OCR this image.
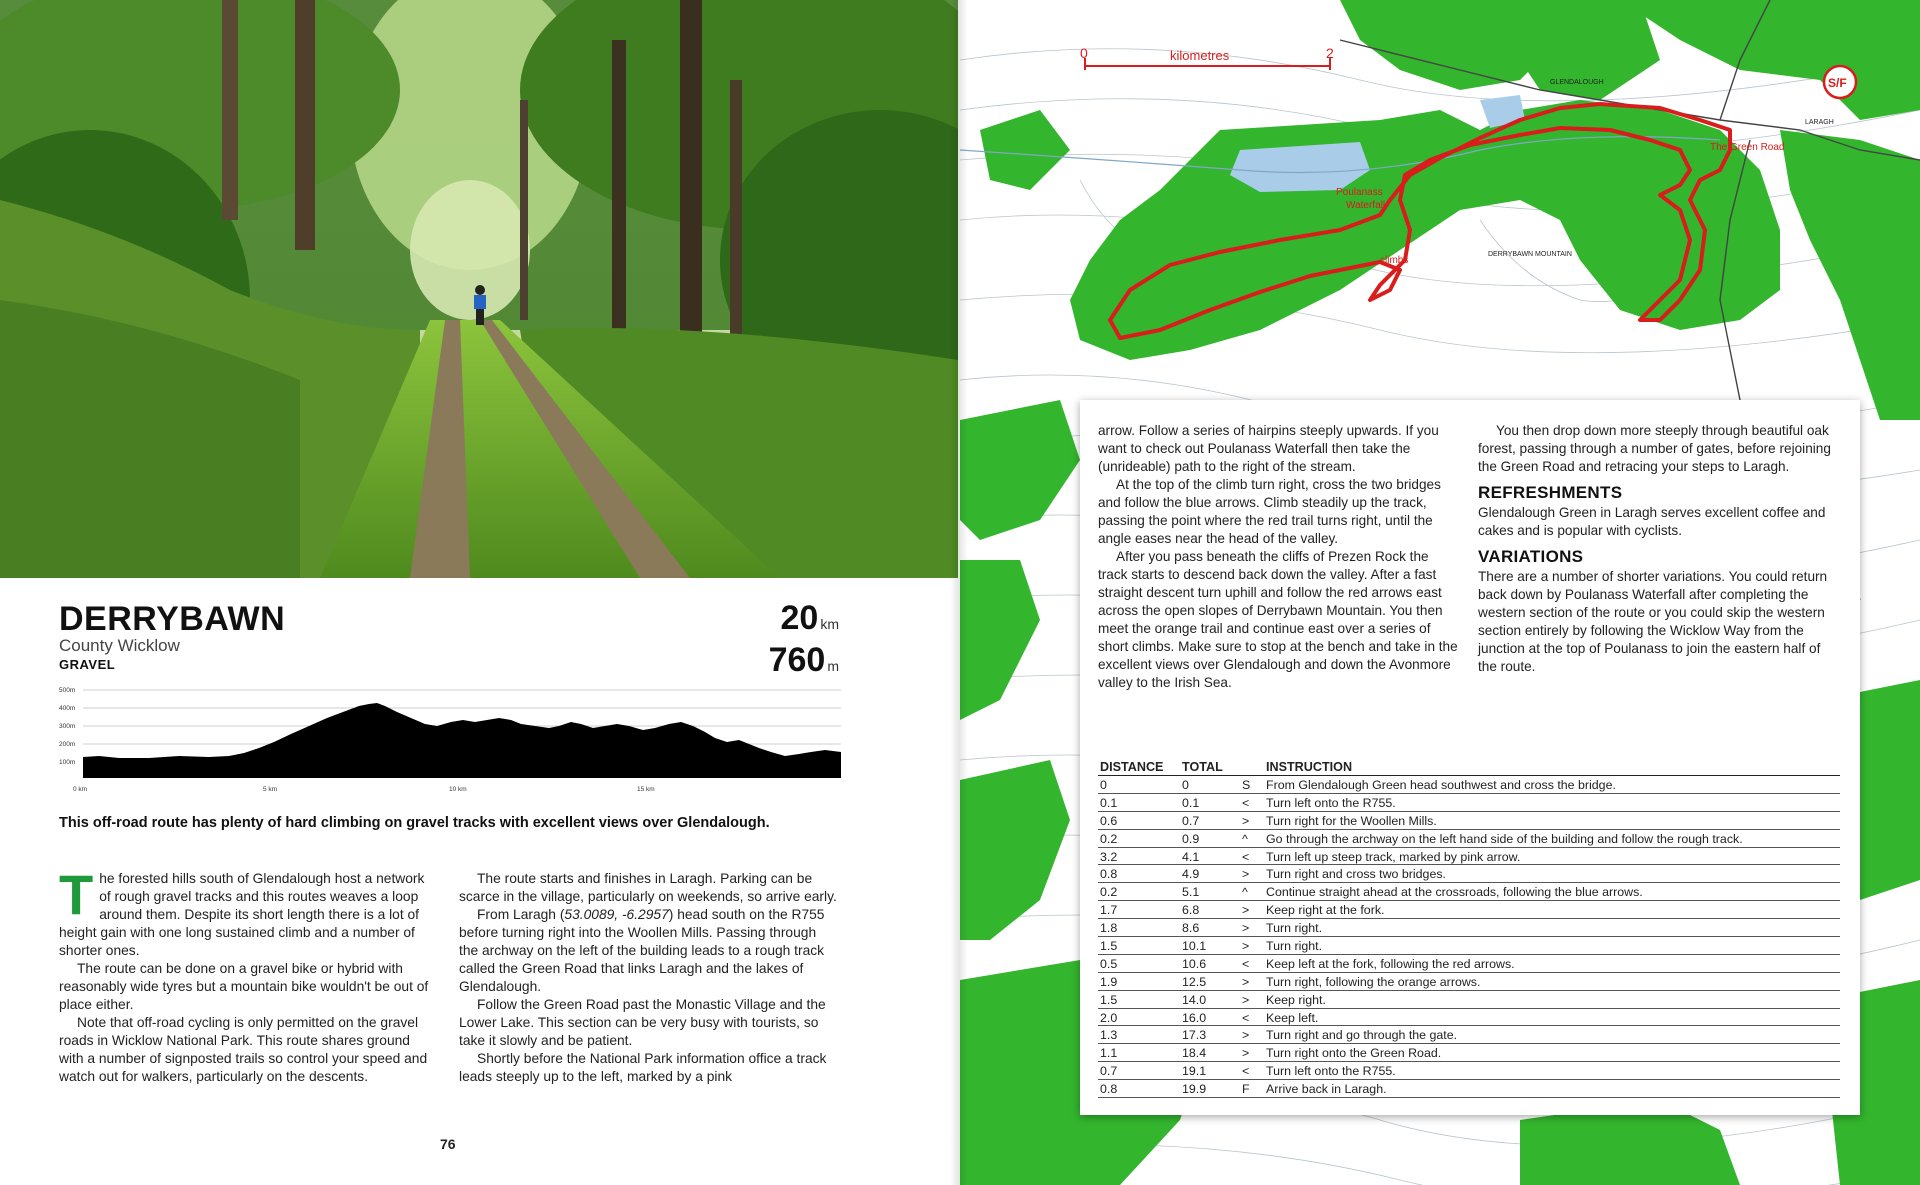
DERRYBAWN
County Wicklow
GRAVEL
20 km
760 m
500m
400m
300m
200m
100m
0 km	5 km	10 km	15 km
This off-road route has plenty of hard climbing on gravel tracks with excellent views over Glendalough.

The forested hills south of Glendalough host a network of rough gravel tracks and this routes weaves a loop around them. Despite its short length there is a lot of height gain with one long sustained climb and a number of shorter ones.

The route can be done on a gravel bike or hybrid with reasonably wide tyres but a mountain bike wouldn't be out of place either.

Note that off-road cycling is only permitted on the gravel roads in Wicklow National Park. This route shares ground with a number of signposted trails so control your speed and watch out for walkers, particularly on the descents.

The route starts and finishes in Laragh. Parking can be scarce in the village, particularly on weekends, so arrive early.

From Laragh (53.0089, -6.2957) head south on the R755 before turning right into the Woollen Mills. Passing through the archway on the left of the building leads to a rough track called the Green Road that links Laragh and the lakes of Glendalough.

Follow the Green Road past the Monastic Village and the Lower Lake. This section can be very busy with tourists, so take it slowly and be patient.

Shortly before the National Park information office a track leads steeply up to the left, marked by a pink

76
0	2
kilometres
S/F
GLENDALOUGH
LARAGH
The Green Road
Poulanass
Waterfall
climbs
DERRYBAWN MOUNTAIN

arrow. Follow a series of hairpins steeply upwards. If you want to check out Poulanass Waterfall then take the (unrideable) path to the right of the stream.

At the top of the climb turn right, cross the two bridges and follow the blue arrows. Climb steadily up the track, passing the point where the red trail turns right, until the angle eases near the head of the valley.

After you pass beneath the cliffs of Prezen Rock the track starts to descend back down the valley. After a fast straight descent turn uphill and follow the red arrows east across the open slopes of Derrybawn Mountain. You then meet the orange trail and continue east over a series of short climbs. Make sure to stop at the bench and take in the excellent views over Glendalough and down the Avonmore valley to the Irish Sea.

You then drop down more steeply through beautiful oak forest, passing through a number of gates, before rejoining the Green Road and retracing your steps to Laragh.

REFRESHMENTS

Glendalough Green in Laragh serves excellent coffee and cakes and is popular with cyclists.

VARIATIONS

There are a number of shorter variations. You could return back down by Poulanass Waterfall after completing the western section of the route or you could skip the western section entirely by following the Wicklow Way from the junction at the top of Poulanass to join the eastern half of the route.

DISTANCE	TOTAL		INSTRUCTION
0	0	S	From Glendalough Green head southwest and cross the bridge.
0.1	0.1	<	Turn left onto the R755.
0.6	0.7	>	Turn right for the Woollen Mills.
0.2	0.9	^	Go through the archway on the left hand side of the building and follow the rough track.
3.2	4.1	<	Turn left up steep track, marked by pink arrow.
0.8	4.9	>	Turn right and cross two bridges.
0.2	5.1	^	Continue straight ahead at the crossroads, following the blue arrows.
1.7	6.8	>	Keep right at the fork.
1.8	8.6	>	Turn right.
1.5	10.1	>	Turn right.
0.5	10.6	<	Keep left at the fork, following the red arrows.
1.9	12.5	>	Turn right, following the orange arrows.
1.5	14.0	>	Keep right.
2.0	16.0	<	Keep left.
1.3	17.3	>	Turn right and go through the gate.
1.1	18.4	>	Turn right onto the Green Road.
0.7	19.1	<	Turn left onto the R755.
0.8	19.9	F	Arrive back in Laragh.
